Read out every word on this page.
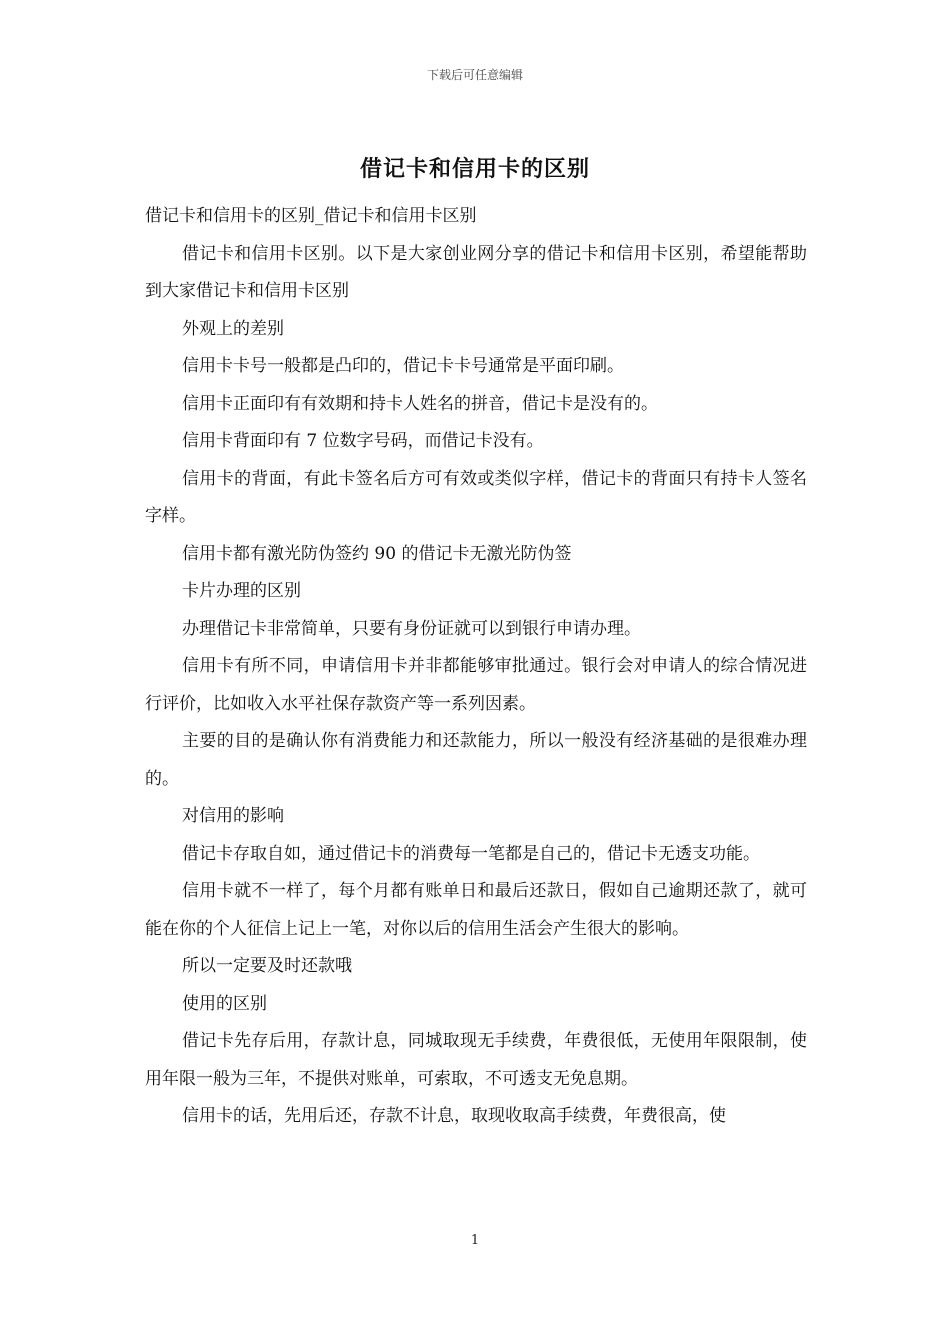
下载后可任意编辑
借记卡和信用卡的区别

借记卡和信用卡的区别_借记卡和信用卡区别

借记卡和信用卡区别。以下是大家创业网分享的借记卡和信用卡区别，希望能帮助到大家借记卡和信用卡区别

外观上的差别

信用卡卡号一般都是凸印的，借记卡卡号通常是平面印刷。

信用卡正面印有有效期和持卡人姓名的拼音，借记卡是没有的。

信用卡背面印有 7 位数字号码，而借记卡没有。

信用卡的背面，有此卡签名后方可有效或类似字样，借记卡的背面只有持卡人签名字样。

信用卡都有激光防伪签约 90 的借记卡无激光防伪签

卡片办理的区别

办理借记卡非常简单，只要有身份证就可以到银行申请办理。

信用卡有所不同，申请信用卡并非都能够审批通过。银行会对申请人的综合情况进行评价，比如收入水平社保存款资产等一系列因素。

主要的目的是确认你有消费能力和还款能力，所以一般没有经济基础的是很难办理的。

对信用的影响

借记卡存取自如，通过借记卡的消费每一笔都是自己的，借记卡无透支功能。

信用卡就不一样了，每个月都有账单日和最后还款日，假如自己逾期还款了，就可能在你的个人征信上记上一笔，对你以后的信用生活会产生很大的影响。

所以一定要及时还款哦

使用的区别

借记卡先存后用，存款计息，同城取现无手续费，年费很低，无使用年限限制，使用年限一般为三年，不提供对账单，可索取，不可透支无免息期。

信用卡的话，先用后还，存款不计息，取现收取高手续费，年费很高，使

1
